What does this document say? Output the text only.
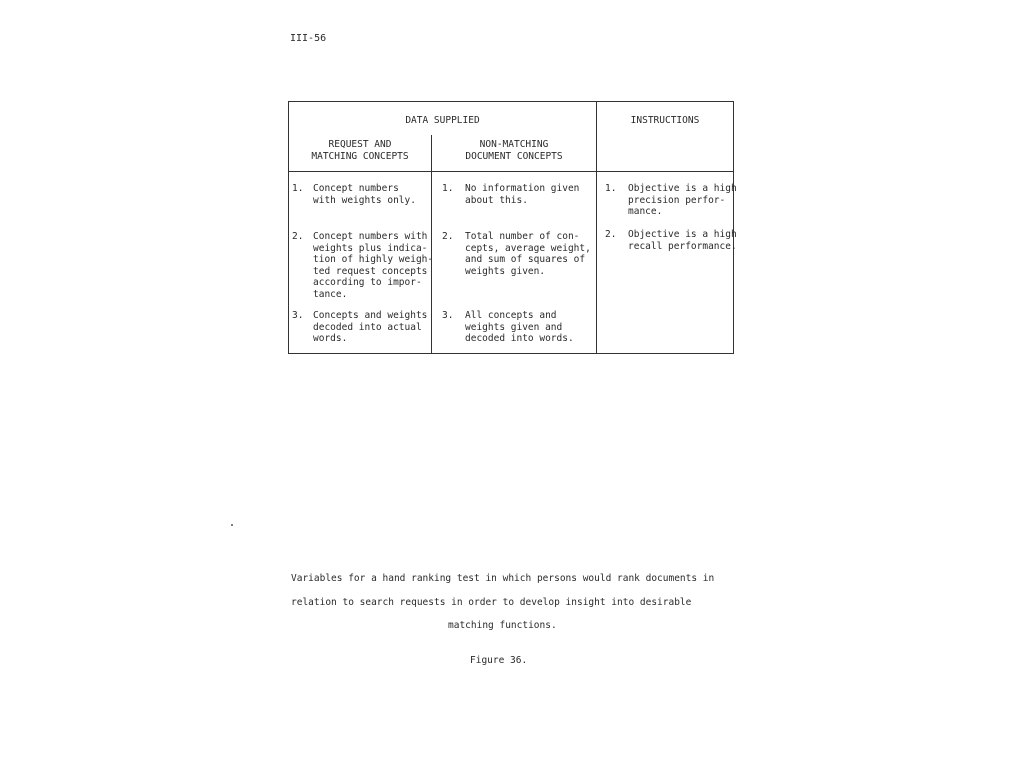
III-56
DATA SUPPLIED	INSTRUCTIONS
REQUEST AND
MATCHING CONCEPTS
NON-MATCHING
DOCUMENT CONCEPTS
1. Concept numbers
with weights only.
1. No information given
about this.
1. Objective is a high
precision perfor-
mance.
2. Concept numbers with
weights plus indica-
tion of highly weigh-
ted request concepts
according to impor-
tance.
2. Total number of con-
cepts, average weight,
and sum of squares of
weights given.
2. Objective is a high
recall performance.
3. Concepts and weights
decoded into actual
words.
3. All concepts and
weights given and
decoded into words.
Variables for a hand ranking test in which persons would rank documents in
relation to search requests in order to develop insight into desirable
matching functions.
Figure 36.
